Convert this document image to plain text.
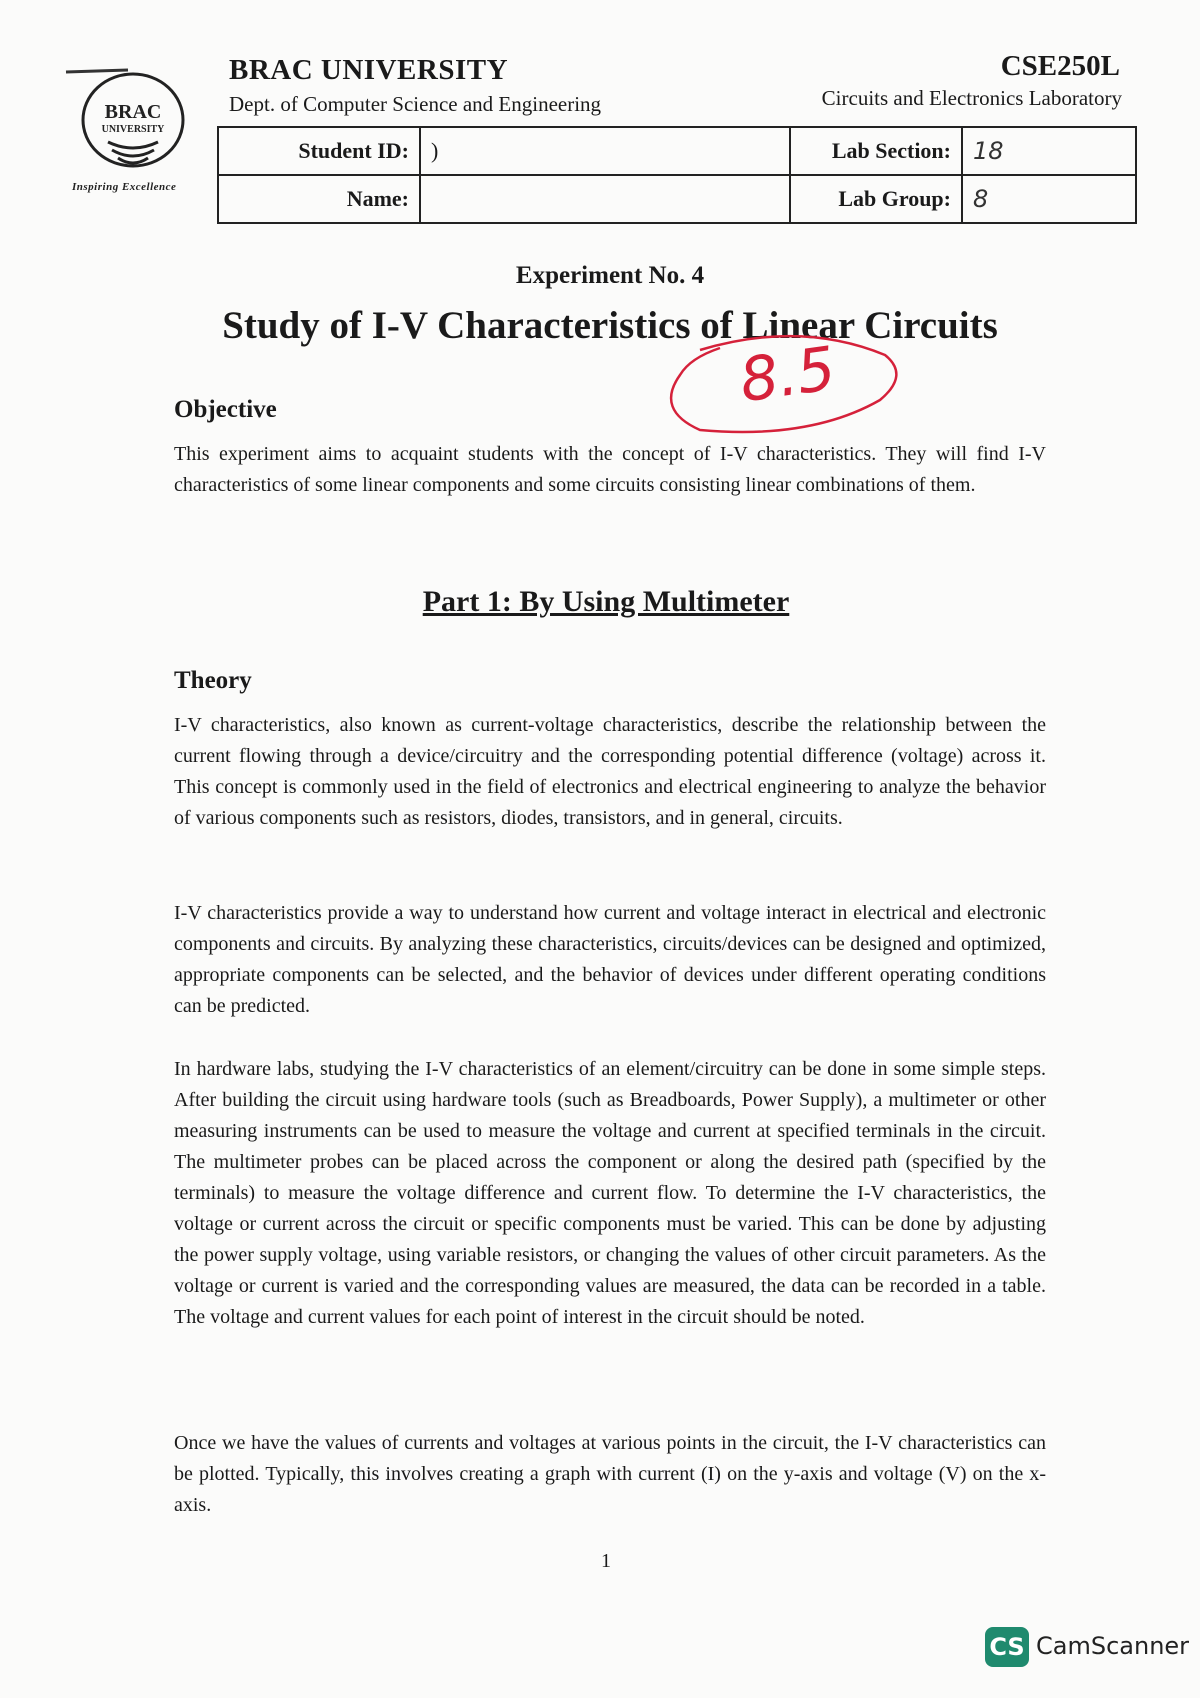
BRAC
UNIVERSITY
Inspiring Excellence
BRAC UNIVERSITY
Dept. of Computer Science and Engineering
CSE250L
Circuits and Electronics Laboratory
Student ID:	)	Lab Section:	18
Name:		Lab Group:	8
Experiment No. 4
Study of I-V Characteristics of Linear Circuits
8.5
Objective

This experiment aims to acquaint students with the concept of I-V characteristics. They will find I-V characteristics of some linear components and some circuits consisting linear combinations of them.

Part 1: By Using Multimeter
Theory

I-V characteristics, also known as current-voltage characteristics, describe the relationship between the current flowing through a device/circuitry and the corresponding potential difference (voltage) across it. This concept is commonly used in the field of electronics and electrical engineering to analyze the behavior of various components such as resistors, diodes, transistors, and in general, circuits.

I-V characteristics provide a way to understand how current and voltage interact in electrical and electronic components and circuits. By analyzing these characteristics, circuits/devices can be designed and optimized, appropriate components can be selected, and the behavior of devices under different operating conditions can be predicted.

In hardware labs, studying the I-V characteristics of an element/circuitry can be done in some simple steps. After building the circuit using hardware tools (such as Breadboards, Power Supply), a multimeter or other measuring instruments can be used to measure the voltage and current at specified terminals in the circuit. The multimeter probes can be placed across the component or along the desired path (specified by the terminals) to measure the voltage difference and current flow. To determine the I-V characteristics, the voltage or current across the circuit or specific components must be varied. This can be done by adjusting the power supply voltage, using variable resistors, or changing the values of other circuit parameters. As the voltage or current is varied and the corresponding values are measured, the data can be recorded in a table. The voltage and current values for each point of interest in the circuit should be noted.

Once we have the values of currents and voltages at various points in the circuit, the I-V characteristics can be plotted. Typically, this involves creating a graph with current (I) on the y-axis and voltage (V) on the x-axis.

1
CS CamScanner
